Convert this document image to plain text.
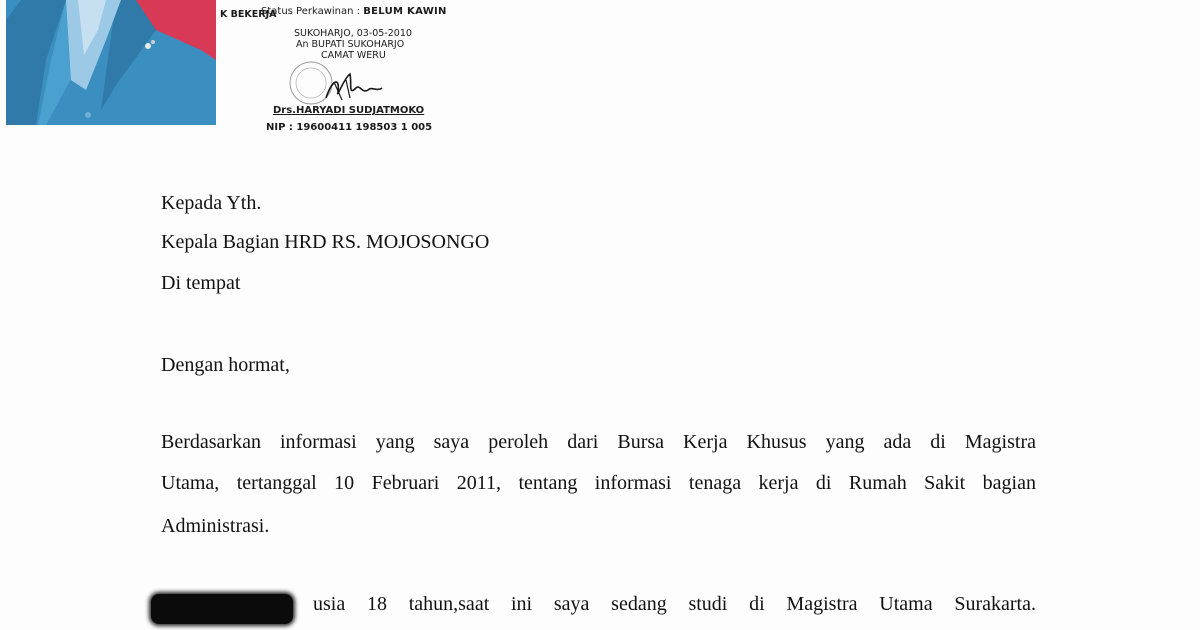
Status Perkawinan : BELUM KAWIN
K BEKERJA
SUKOHARJO, 03-05-2010
An BUPATI SUKOHARJO
CAMAT WERU
Drs.HARYADI SUDJATMOKO
NIP : 19600411 198503 1 005
Kepada Yth.
Kepala Bagian HRD RS. MOJOSONGO
Di tempat
Dengan hormat,
Berdasarkan informasi yang saya peroleh dari Bursa Kerja Khusus yang ada di Magistra
Utama, tertanggal 10 Februari 2011, tentang informasi tenaga kerja di Rumah Sakit bagian
Administrasi.
usia 18 tahun,saat ini saya sedang studi di Magistra Utama Surakarta.
